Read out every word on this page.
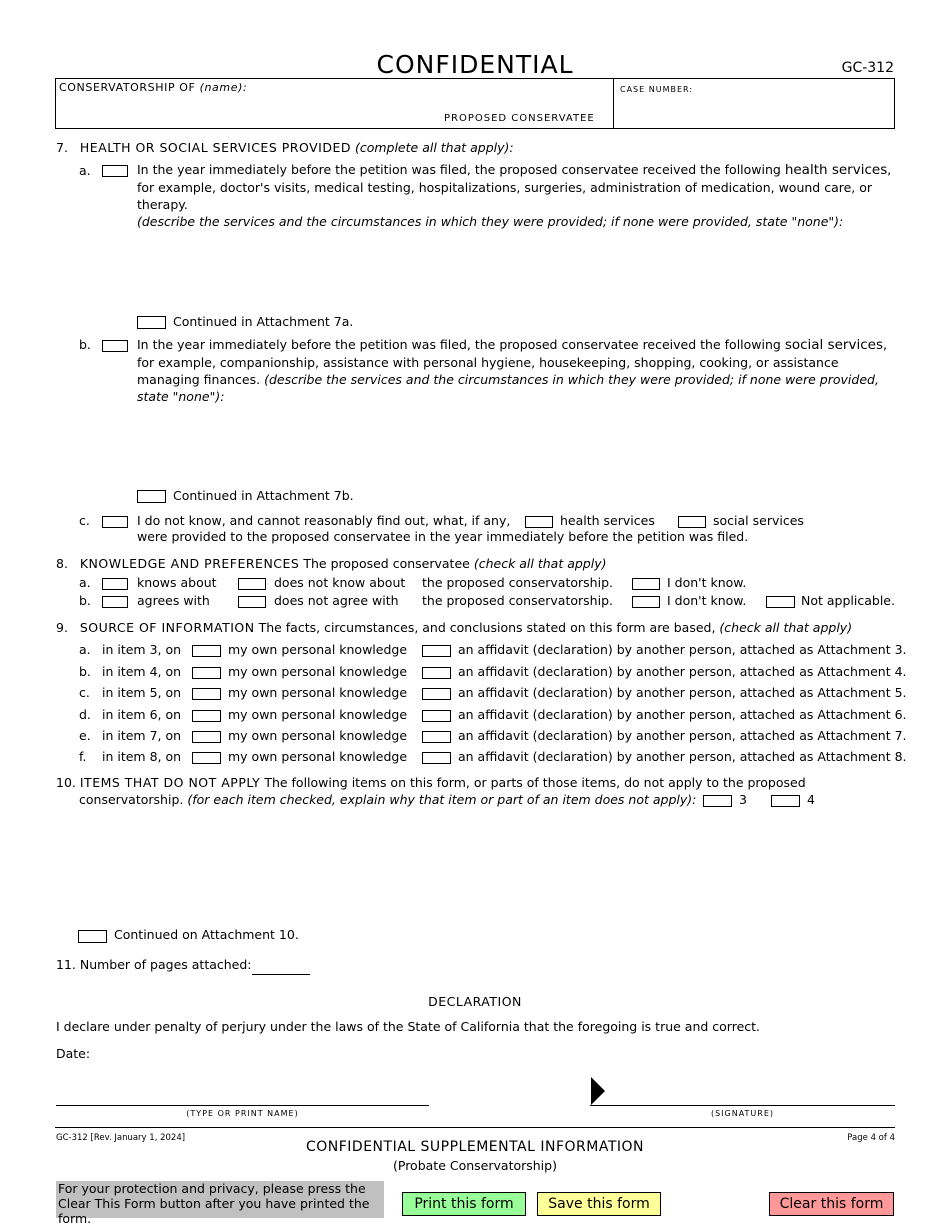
CONFIDENTIAL	GC-312
CONSERVATORSHIP OF (name):
PROPOSED CONSERVATEE
CASE NUMBER:
7. HEALTH OR SOCIAL SERVICES PROVIDED (complete all that apply):
a.	In the year immediately before the petition was filed, the proposed conservatee received the following health services, for example, doctor's visits, medical testing, hospitalizations, surgeries, administration of medication, wound care, or therapy.
(describe the services and the circumstances in which they were provided; if none were provided, state "none"):
Continued in Attachment 7a.
b.	In the year immediately before the petition was filed, the proposed conservatee received the following social services, for example, companionship, assistance with personal hygiene, housekeeping, shopping, cooking, or assistance managing finances. (describe the services and the circumstances in which they were provided; if none were provided, state "none"):
Continued in Attachment 7b.
c.	I do not know, and cannot reasonably find out, what, if any,	health services	social services
were provided to the proposed conservatee in the year immediately before the petition was filed.
8. KNOWLEDGE AND PREFERENCES The proposed conservatee (check all that apply)
a.	knows about	does not know about the proposed conservatorship.	I don't know.
b.	agrees with	does not agree with the proposed conservatorship.	I don't know.	Not applicable.
9. SOURCE OF INFORMATION The facts, circumstances, and conclusions stated on this form are based, (check all that apply)
a. in item 3, on	my own personal knowledge	an affidavit (declaration) by another person, attached as Attachment 3.
b. in item 4, on	my own personal knowledge	an affidavit (declaration) by another person, attached as Attachment 4.
c. in item 5, on	my own personal knowledge	an affidavit (declaration) by another person, attached as Attachment 5.
d. in item 6, on	my own personal knowledge	an affidavit (declaration) by another person, attached as Attachment 6.
e. in item 7, on	my own personal knowledge	an affidavit (declaration) by another person, attached as Attachment 7.
f. in item 8, on	my own personal knowledge	an affidavit (declaration) by another person, attached as Attachment 8.
10. ITEMS THAT DO NOT APPLY The following items on this form, or parts of those items, do not apply to the proposed
conservatorship. (for each item checked, explain why that item or part of an item does not apply):	3	4
Continued on Attachment 10.
11. Number of pages attached:
DECLARATION
I declare under penalty of perjury under the laws of the State of California that the foregoing is true and correct.
Date:
(TYPE OR PRINT NAME)	(SIGNATURE)
GC-312 [Rev. January 1, 2024]	Page 4 of 4
CONFIDENTIAL SUPPLEMENTAL INFORMATION
(Probate Conservatorship)
For your protection and privacy, please press the Clear This Form button after you have printed the form.
Print this form	Save this form	Clear this form
